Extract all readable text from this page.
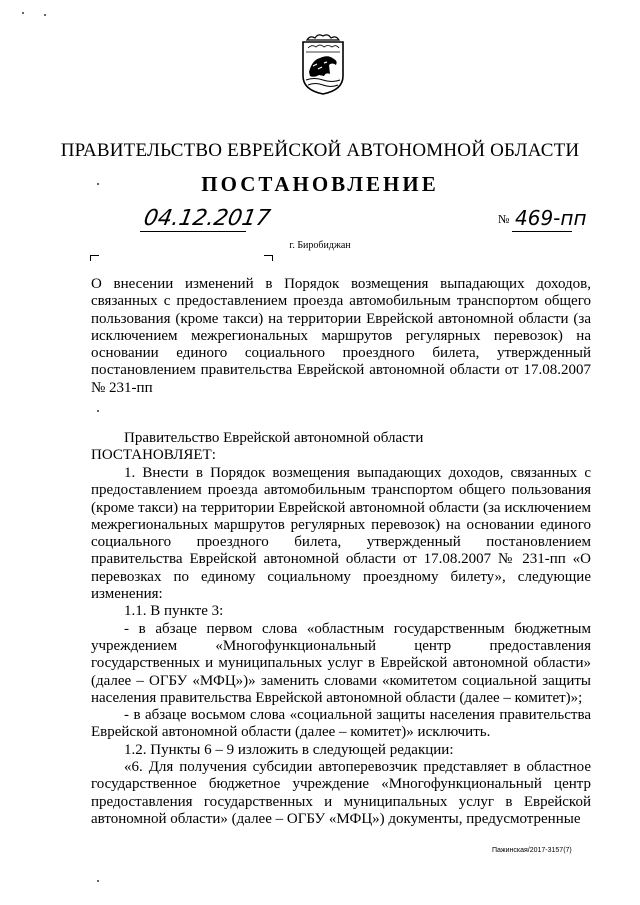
ПРАВИТЕЛЬСТВО ЕВРЕЙСКОЙ АВТОНОМНОЙ ОБЛАСТИ
ПОСТАНОВЛЕНИЕ
04.12.2017	№ 469-пп
г. Биробиджан
О внесении изменений в Порядок возмещения выпадающих доходов, связанных с предоставлением проезда автомобильным транспортом общего пользования (кроме такси) на территории Еврейской автономной области (за исключением межрегиональных маршрутов регулярных перевозок) на основании единого социального проездного билета, утвержденный постановлением правительства Еврейской автономной области от 17.08.2007 № 231-пп
Правительство Еврейской автономной области
ПОСТАНОВЛЯЕТ:

1. Внести в Порядок возмещения выпадающих доходов, связанных с предоставлением проезда автомобильным транспортом общего пользования (кроме такси) на территории Еврейской автономной области (за исключением межрегиональных маршрутов регулярных перевозок) на основании единого социального проездного билета, утвержденный постановлением правительства Еврейской автономной области от 17.08.2007 № 231-пп «О перевозках по единому социальному проездному билету», следующие изменения:

1.1. В пункте 3:

- в абзаце первом слова «областным государственным бюджетным учреждением «Многофункциональный центр предоставления государственных и муниципальных услуг в Еврейской автономной области» (далее – ОГБУ «МФЦ»)» заменить словами «комитетом социальной защиты населения правительства Еврейской автономной области (далее – комитет)»;

- в абзаце восьмом слова «социальной защиты населения правительства Еврейской автономной области (далее – комитет)» исключить.

1.2. Пункты 6 – 9 изложить в следующей редакции:

«6. Для получения субсидии автоперевозчик представляет в областное государственное бюджетное учреждение «Многофункциональный центр предоставления государственных и муниципальных услуг в Еврейской автономной области» (далее – ОГБУ «МФЦ») документы, предусмотренные

Пажинская/2017-3157(7)
